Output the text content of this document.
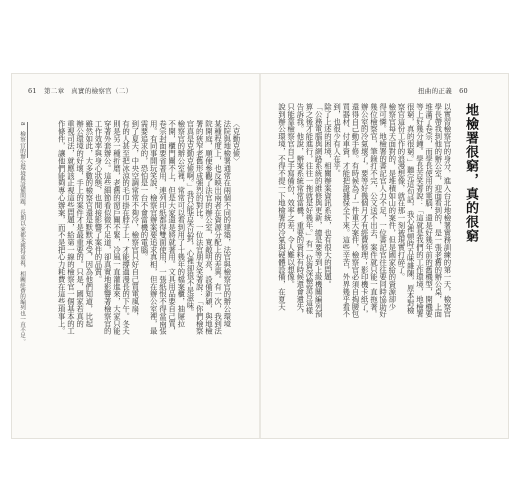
61 第二章　真實的檢察官（二）	扭曲的正義 60
地檢署很窮，真的很窮
以實習檢察官的身分，進入台北地檢署實務訓練的第一天，檢察官
學長帶我到他的辦公室，迎面看到的，是一張老舊的辦公桌，上面
堆滿了卷宗，而學長使用的電腦，還是好幾年前的舊機型，開機要
等上好幾分鐘。學長苦笑著說：「這就是我們的工作環境，地檢署
很窮，真的很窮。」聽完這句話，我心裡頓時五味雜陳，原本對檢
察官這份工作的浪漫想像，就在那一刻被現實打碎了。
檢察官每天面對的，是堆積如山的案件，但是國家給的資源卻少
得可憐。地檢署的書記官人力不足，一位書記官往往要同時協助好
幾位檢察官，筆錄打不完，公文送不出去，案件就只能一直拖著。
辦公室的冷氣壞了，要等好幾個月才有經費修理；影印機卡紙了，
還得自己動手修。有時候為了一件重大案件，檢察官必須自掏腰包
買器材、付車資，才能把證據保全下來。這些辛苦，外界幾乎看不
到，也很少有人在乎。
除了上述的困境，相關辦案資訊系統，也有很大的問題。
「公務電腦與網路系統的維修與更新，總是要等到上級機關編列預
算之後才能進行，往往一拖就是好幾年。」有一位資深檢察官這樣
告訴我。他說，辦案系統常常當機，重要的資料有時候還會遺失，
只能靠檢察官自己手寫備份，效率之差，令人難以想像。
說到辦公環境，不得不提一下地檢署的冷氣與硬體設備，在夏天
〈克勤克儉〉
法院與地檢署通常在兩個不同的建築，法官與檢察官的辦公環境
某種程度上，也反映出兩者在資源分配上的差異。有一次，我到法
院開庭，順便參觀了法官的辦公室，寬敞明亮，設備新穎，與地檢
署的狹窄老舊形成強烈的對比。一位法官朋友笑著說：「你們檢察
官真是克勤克儉啊。」我只能苦笑以對，心裡卻很不是滋味。
檢察官的辦公室裡，常常可以看到用了十幾年的檔案櫃，抽屜拉
不開，櫃門關不上，但是大家還是將就著用。文具用品要自己買，
卷宗封面要省著用，連列印紙都得雙面使用，一張紙恨不得當兩張
用。有同事開玩笑說，檢察官辦案要追求真相，但在辦公室裡，最
需要追求的，恐怕是一台不會當機的電腦。
到了夏天，中央空調常常不夠冷，檢察官只好自己買電風扇，
有的人甚至把冰涼的毛巾掛在脖子上，才能撐過漫長的下午。冬天
則是另一種折磨，老舊的窗戶關不緊，冷風一直灌進來，大家只能
穿著外套辦公。這些細節看似微不足道，卻真實地影響著檢察官的
工作效率與身心狀態，也間接影響了案件的品質。
雖然如此，大多數的檢察官還是默默承受，因為他們知道，比起
辦公環境的好壞，手上的案件才是最重要的。只是，國家若真的
重視司法，就應該正視這些問題，給第一線的檢察官一個基本的工
作條件，讓他們能夠專心辦案，而不是把心力耗費在這些瑣事上。
8　檢察官的辦公環境與設備問題，長期以來都未獲得重視，相關經費的編列也一直不足。
